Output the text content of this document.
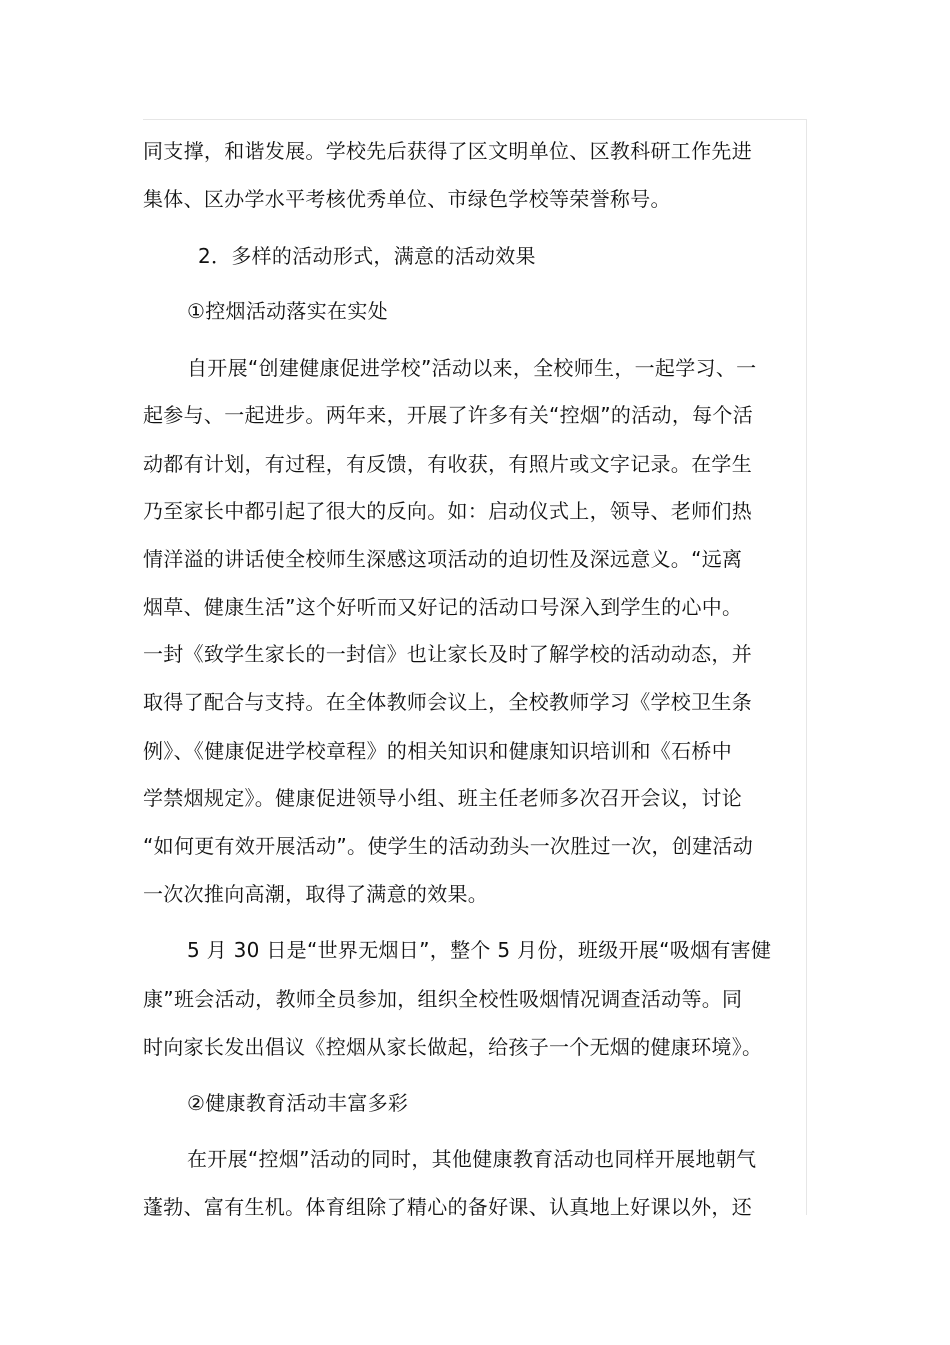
同支撑，和谐发展。学校先后获得了区文明单位、区教科研工作先进
集体、区办学水平考核优秀单位、市绿色学校等荣誉称号。
2．多样的活动形式，满意的活动效果
①控烟活动落实在实处
自开展“创建健康促进学校”活动以来，全校师生，一起学习、一
起参与、一起进步。两年来，开展了许多有关“控烟”的活动，每个活
动都有计划，有过程，有反馈，有收获，有照片或文字记录。在学生
乃至家长中都引起了很大的反向。如：启动仪式上，领导、老师们热
情洋溢的讲话使全校师生深感这项活动的迫切性及深远意义。“远离
烟草、健康生活”这个好听而又好记的活动口号深入到学生的心中。
一封《致学生家长的一封信》也让家长及时了解学校的活动动态，并
取得了配合与支持。在全体教师会议上，全校教师学习《学校卫生条
例》、《健康促进学校章程》的相关知识和健康知识培训和《石桥中
学禁烟规定》。健康促进领导小组、班主任老师多次召开会议，讨论
“如何更有效开展活动”。使学生的活动劲头一次胜过一次，创建活动
一次次推向高潮，取得了满意的效果。
5 月 30 日是“世界无烟日”，整个 5 月份，班级开展“吸烟有害健
康”班会活动，教师全员参加，组织全校性吸烟情况调查活动等。同
时向家长发出倡议《控烟从家长做起，给孩子一个无烟的健康环境》。
②健康教育活动丰富多彩
在开展“控烟”活动的同时，其他健康教育活动也同样开展地朝气
蓬勃、富有生机。体育组除了精心的备好课、认真地上好课以外，还
